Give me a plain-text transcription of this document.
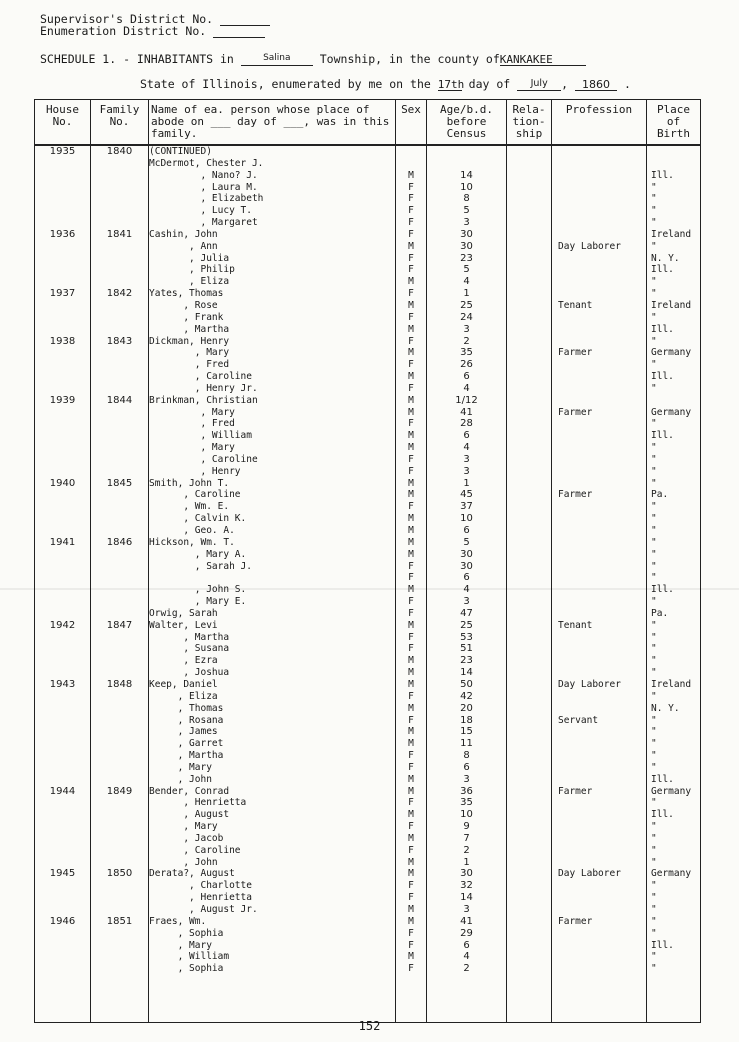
Supervisor's District No.
Enumeration District No.
SCHEDULE 1. - INHABITANTS in	Salina	Township, in the county ofKANKAKEE
State of Illinois, enumerated by me on the 17th day of July , 1860 .
House No.	Family No.	Name of ea. person whose place of abode on ___ day of ___, was in this family.	Sex	Age/b.d. before Census	Rela- tion- ship	Profession	Place of Birth
1935	1840	(CONTINUED)					
		McDermot, Chester J.					
		, Nano? J.	M	14			Ill.
		, Laura M.	F	10			"
		, Elizabeth	F	8			"
		, Lucy T.	F	5			"
		, Margaret	F	3			"
1936	1841	Cashin, John	F	30			Ireland
		, Ann	M	30		Day Laborer	"
		, Julia	F	23			N. Y.
		, Philip	F	5			Ill.
		, Eliza	M	4			"
1937	1842	Yates, Thomas	F	1			"
		, Rose	M	25		Tenant	Ireland
		, Frank	F	24			"
		, Martha	M	3			Ill.
1938	1843	Dickman, Henry	F	2			"
		, Mary	M	35		Farmer	Germany
		, Fred	F	26			"
		, Caroline	M	6			Ill.
		, Henry Jr.	F	4			"
1939	1844	Brinkman, Christian	M	1/12			
		, Mary	M	41		Farmer	Germany
		, Fred	F	28			"
		, William	M	6			Ill.
		, Mary	M	4			"
		, Caroline	F	3			"
		, Henry	F	3			"
1940	1845	Smith, John T.	M	1			"
		, Caroline	M	45		Farmer	Pa.
		, Wm. E.	F	37			"
		, Calvin K.	M	10			"
		, Geo. A.	M	6			"
1941	1846	Hickson, Wm. T.	M	5			"
		, Mary A.	M	30			"
		, Sarah J.	F	30			"
			F	6			"
		, John S.	M	4			Ill.
		, Mary E.	F	3			"
		Orwig, Sarah	F	47			Pa.
1942	1847	Walter, Levi	M	25		Tenant	"
		, Martha	F	53			"
		, Susana	F	51			"
		, Ezra	M	23			"
		, Joshua	M	14			"
1943	1848	Keep, Daniel	M	50		Day Laborer	Ireland
		, Eliza	F	42			"
		, Thomas	M	20			N. Y.
		, Rosana	F	18		Servant	"
		, James	M	15			"
		, Garret	M	11			"
		, Martha	F	8			"
		, Mary	F	6			"
		, John	M	3			Ill.
1944	1849	Bender, Conrad	M	36		Farmer	Germany
		, Henrietta	F	35			"
		, August	M	10			Ill.
		, Mary	F	9			"
		, Jacob	M	7			"
		, Caroline	F	2			"
		, John	M	1			"
1945	1850	Derata?, August	M	30		Day Laborer	Germany
		, Charlotte	F	32			"
		, Henrietta	F	14			"
		, August Jr.	M	3			"
1946	1851	Fraes, Wm.	M	41		Farmer	"
		, Sophia	F	29			"
		, Mary	F	6			Ill.
		, William	M	4			"
		, Sophia	F	2			"

152
